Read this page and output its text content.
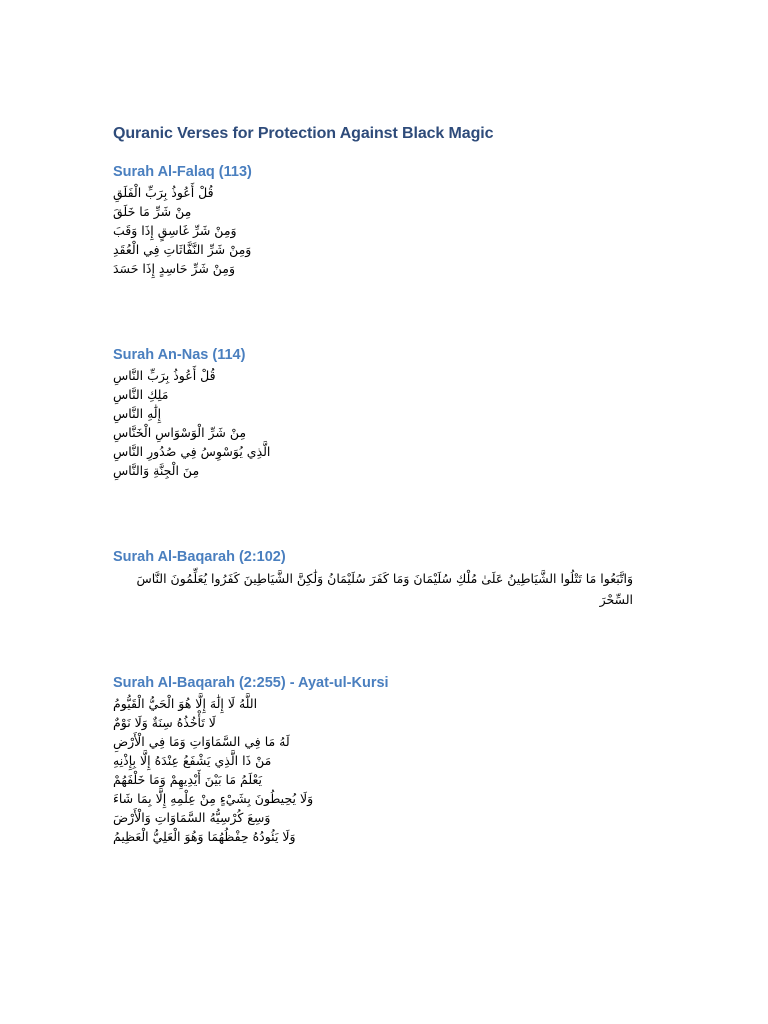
Quranic Verses for Protection Against Black Magic
Surah Al-Falaq (113)
قُلْ أَعُوذُ بِرَبِّ الْفَلَقِ
مِنْ شَرِّ مَا خَلَقَ
وَمِنْ شَرِّ غَاسِقٍ إِذَا وَقَبَ
وَمِنْ شَرِّ النَّفَّاثَاتِ فِي الْعُقَدِ
وَمِنْ شَرِّ حَاسِدٍ إِذَا حَسَدَ
Surah An-Nas (114)
قُلْ أَعُوذُ بِرَبِّ النَّاسِ
مَلِكِ النَّاسِ
إِلَٰهِ النَّاسِ
مِنْ شَرِّ الْوَسْوَاسِ الْخَنَّاسِ
الَّذِي يُوَسْوِسُ فِي صُدُورِ النَّاسِ
مِنَ الْجِنَّةِ وَالنَّاسِ
Surah Al-Baqarah (2:102)
وَاتَّبَعُوا مَا تَتْلُوا الشَّيَاطِينُ عَلَىٰ مُلْكِ سُلَيْمَانَ وَمَا كَفَرَ سُلَيْمَانُ وَلَٰكِنَّ الشَّيَاطِينَ كَفَرُوا يُعَلِّمُونَ النَّاسَ السِّحْرَ
Surah Al-Baqarah (2:255) - Ayat-ul-Kursi
اللَّهُ لَا إِلَٰهَ إِلَّا هُوَ الْحَيُّ الْقَيُّومُ
لَا تَأْخُذُهُ سِنَةٌ وَلَا نَوْمٌ
لَهُ مَا فِي السَّمَاوَاتِ وَمَا فِي الْأَرْضِ
مَنْ ذَا الَّذِي يَشْفَعُ عِنْدَهُ إِلَّا بِإِذْنِهِ
يَعْلَمُ مَا بَيْنَ أَيْدِيهِمْ وَمَا خَلْفَهُمْ
وَلَا يُحِيطُونَ بِشَيْءٍ مِنْ عِلْمِهِ إِلَّا بِمَا شَاءَ
وَسِعَ كُرْسِيُّهُ السَّمَاوَاتِ وَالْأَرْضَ
وَلَا يَئُودُهُ حِفْظُهُمَا وَهُوَ الْعَلِيُّ الْعَظِيمُ
